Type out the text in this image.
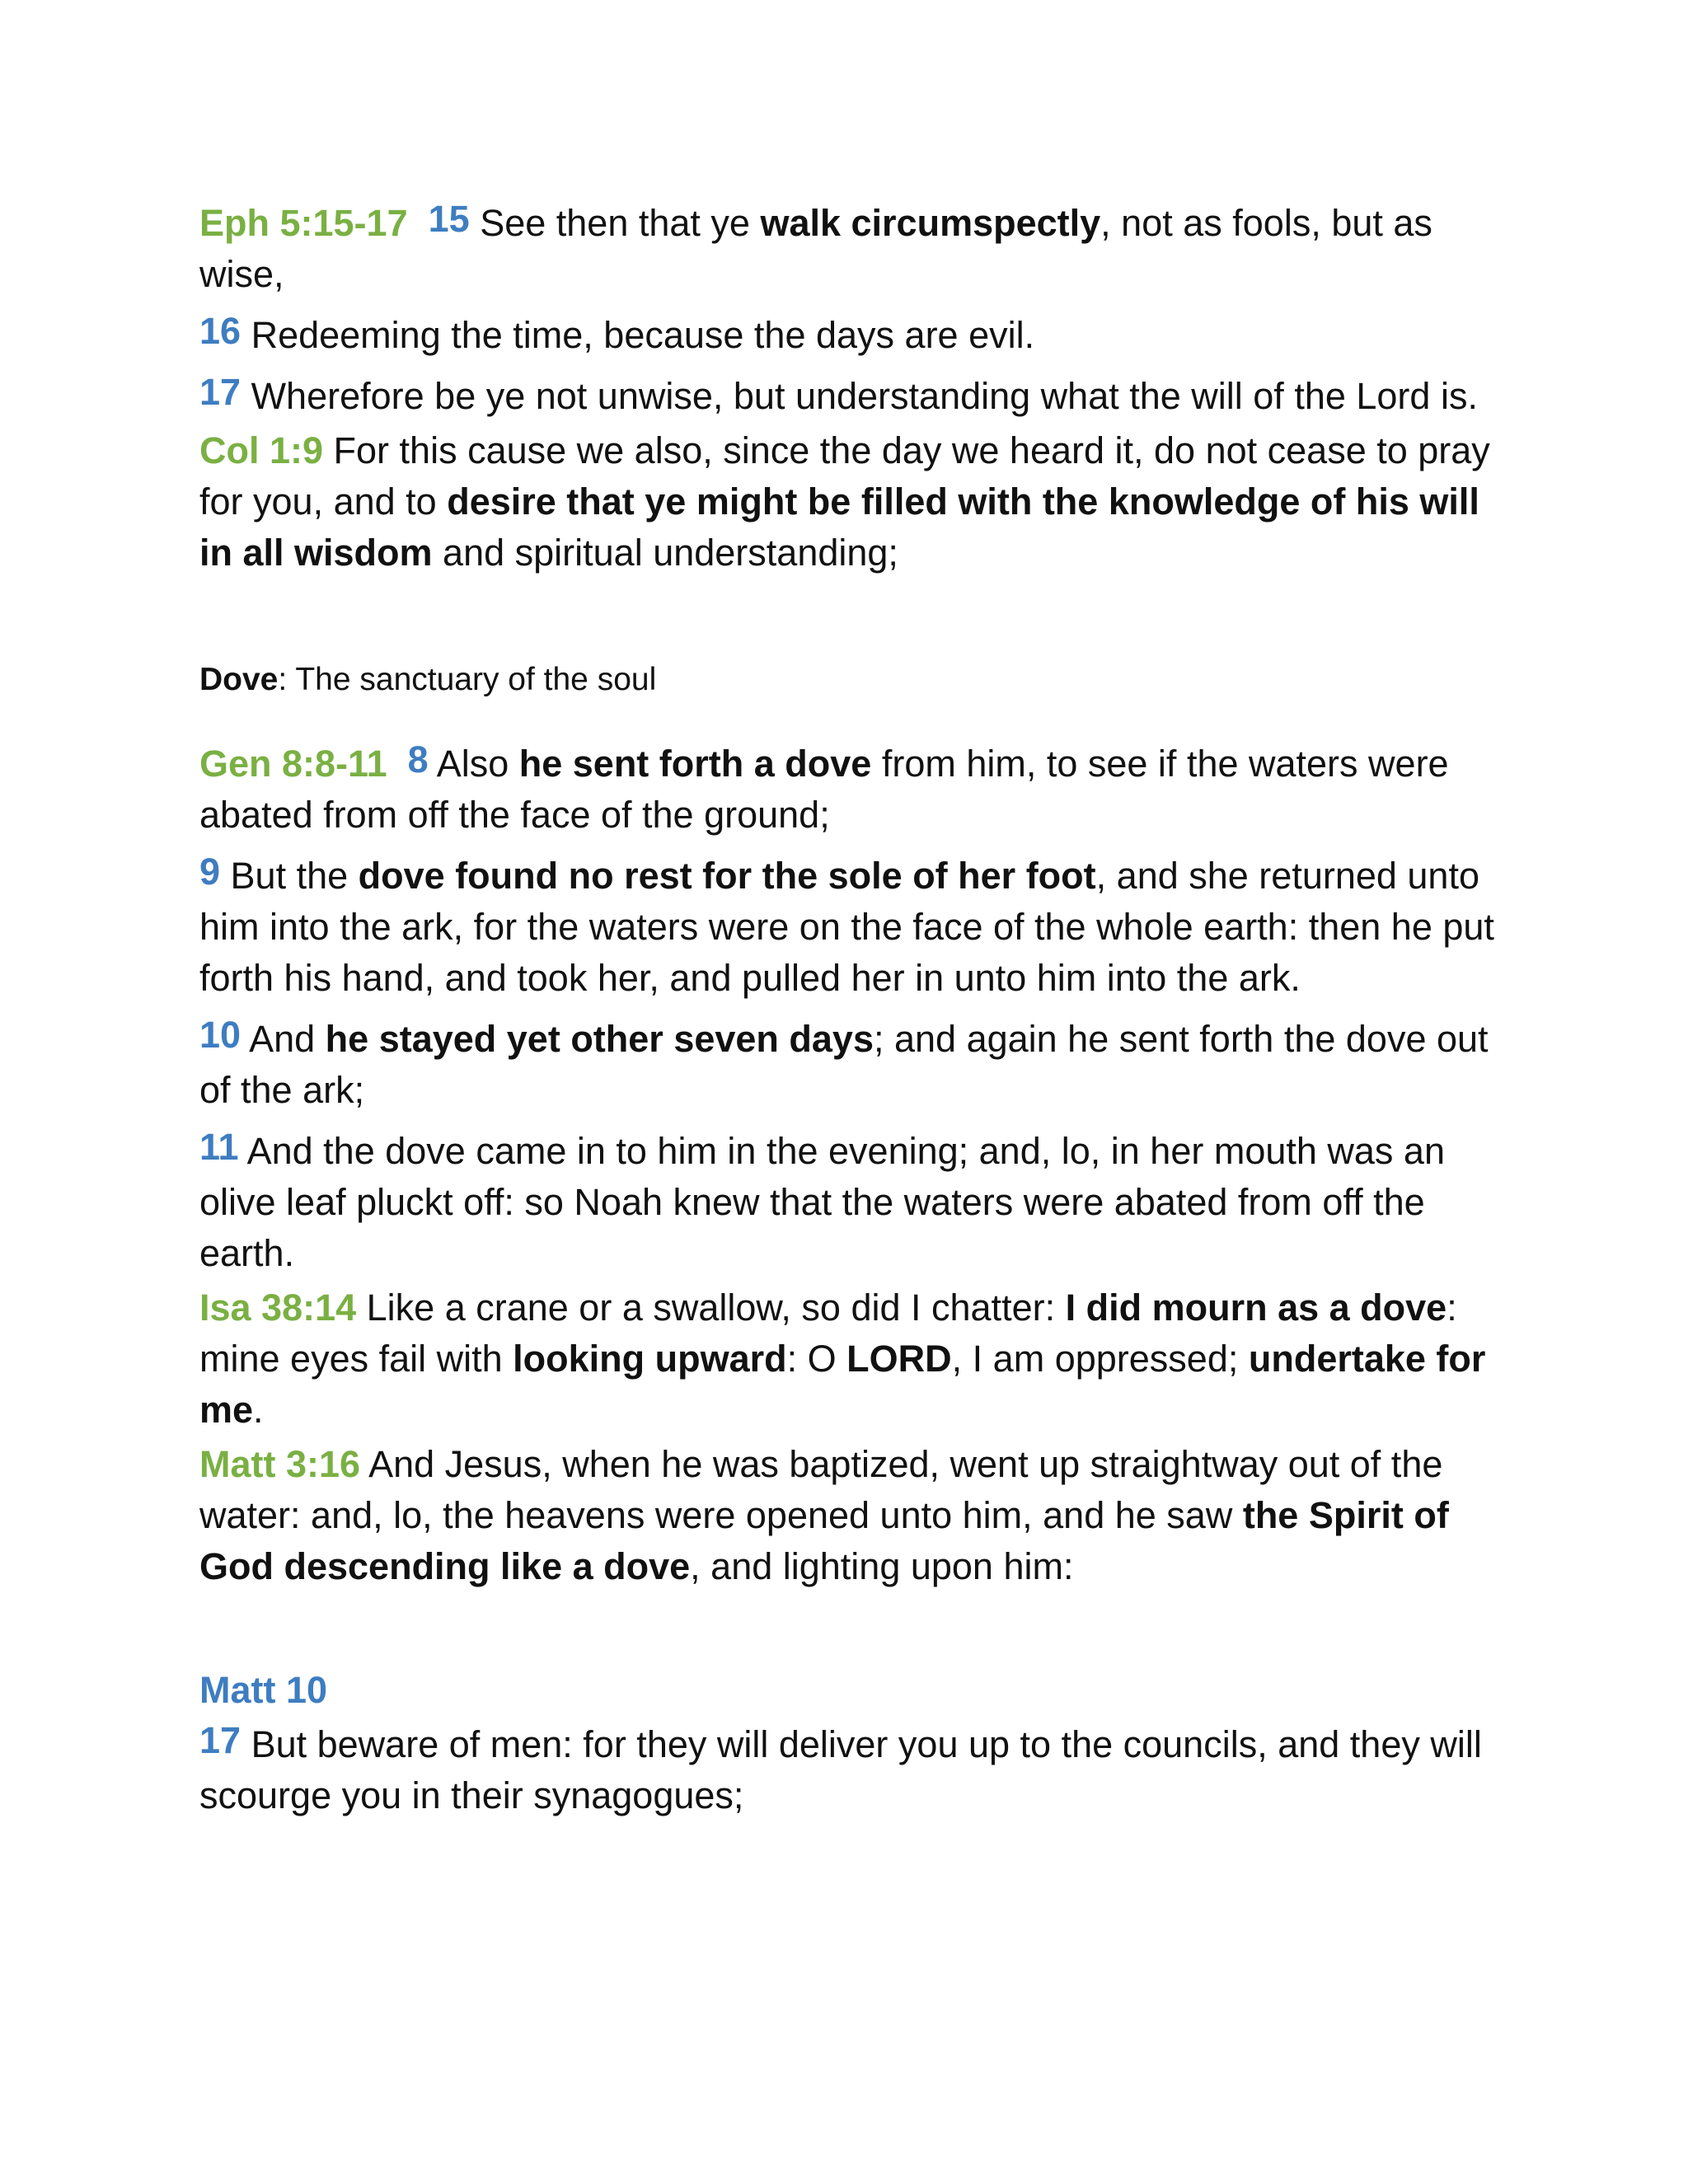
Eph 5:15-17 15 See then that ye walk circumspectly, not as fools, but as wise,

16 Redeeming the time, because the days are evil.

17 Wherefore be ye not unwise, but understanding what the will of the Lord is.

Col 1:9 For this cause we also, since the day we heard it, do not cease to pray for you, and to desire that ye might be filled with the knowledge of his will in all wisdom and spiritual understanding;

Dove: The sanctuary of the soul

Gen 8:8-11 8 Also he sent forth a dove from him, to see if the waters were abated from off the face of the ground;

9 But the dove found no rest for the sole of her foot, and she returned unto him into the ark, for the waters were on the face of the whole earth: then he put forth his hand, and took her, and pulled her in unto him into the ark.

10 And he stayed yet other seven days; and again he sent forth the dove out of the ark;

11 And the dove came in to him in the evening; and, lo, in her mouth was an olive leaf pluckt off: so Noah knew that the waters were abated from off the earth.

Isa 38:14 Like a crane or a swallow, so did I chatter: I did mourn as a dove: mine eyes fail with looking upward: O LORD, I am oppressed; undertake for me.

Matt 3:16 And Jesus, when he was baptized, went up straightway out of the water: and, lo, the heavens were opened unto him, and he saw the Spirit of God descending like a dove, and lighting upon him:

Matt 10

17 But beware of men: for they will deliver you up to the councils, and they will scourge you in their synagogues;
